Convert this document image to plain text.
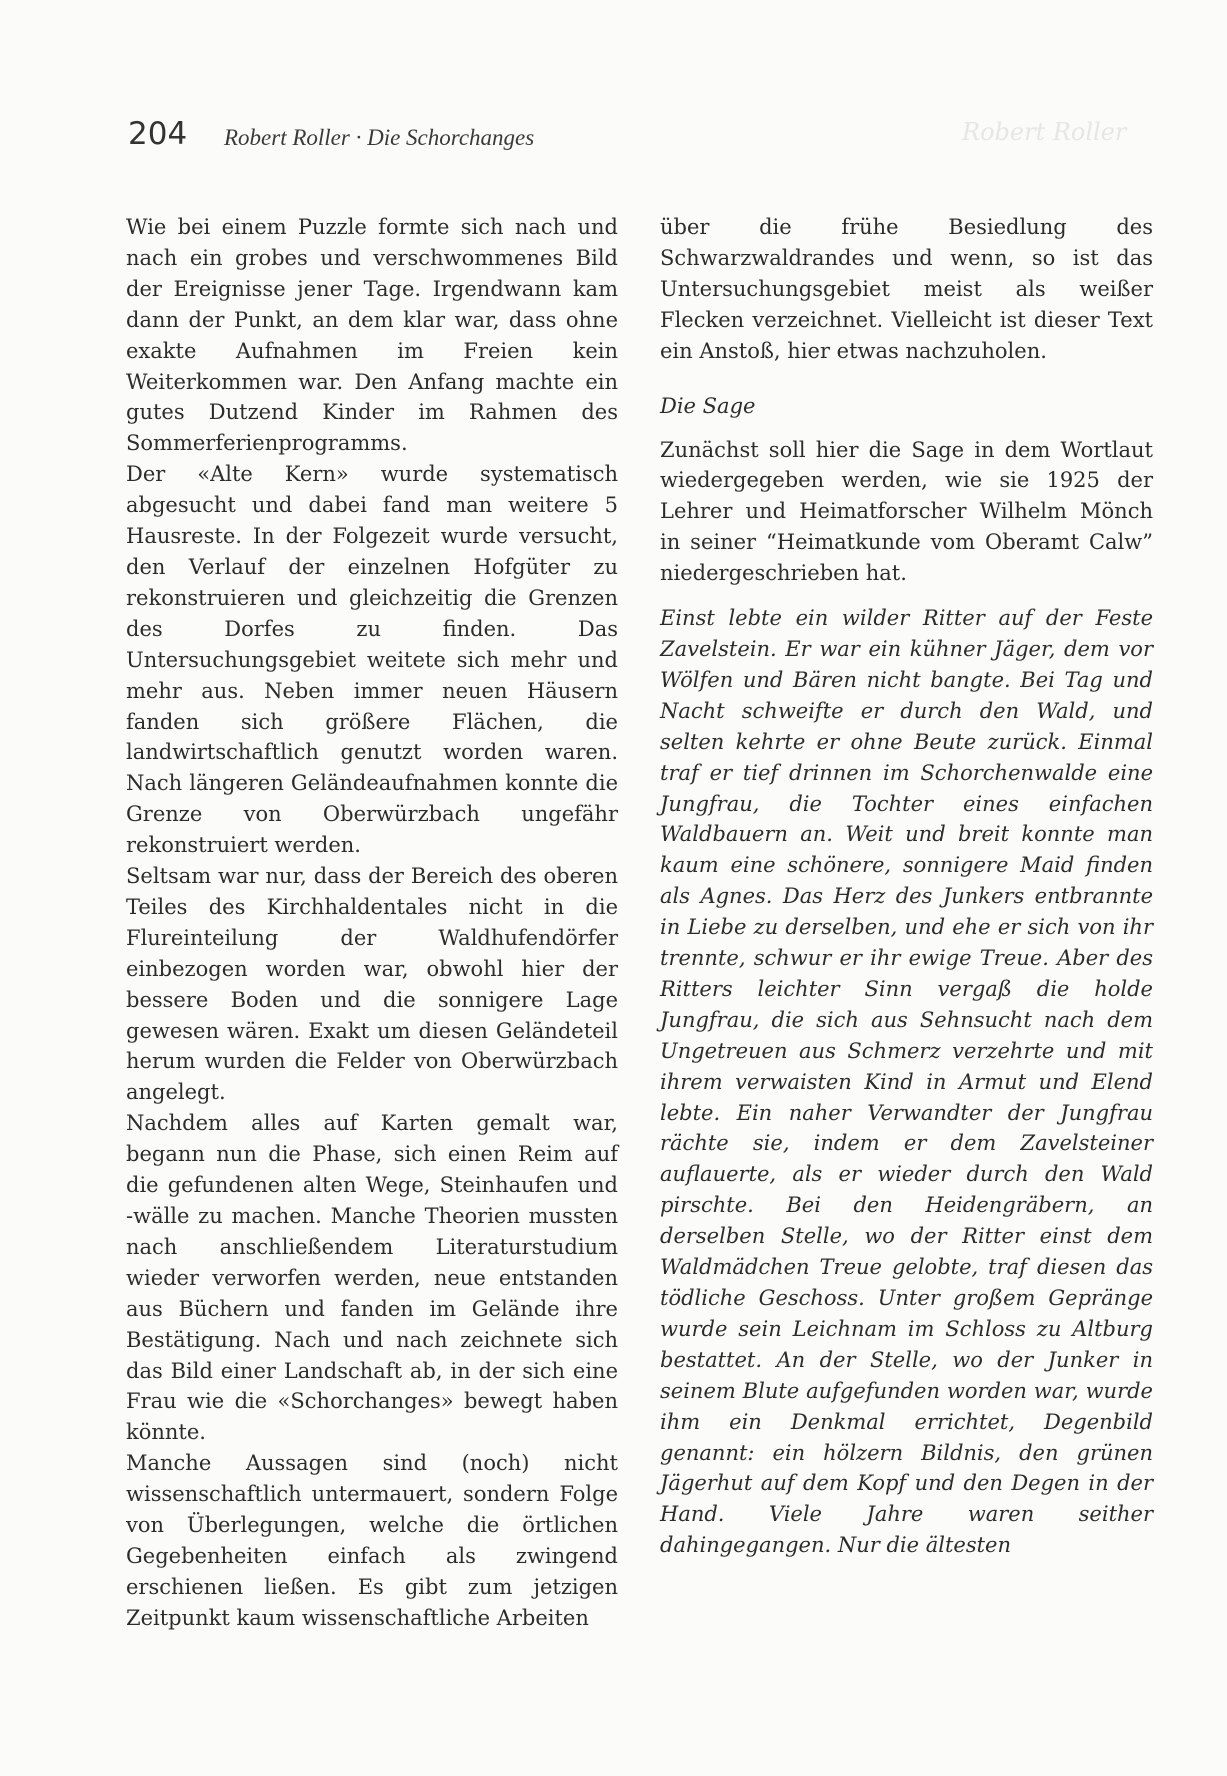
Robert Roller
204 Robert Roller · Die Schorchanges

Wie bei einem Puzzle formte sich nach und nach ein grobes und verschwommenes Bild der Ereignisse jener Tage. Irgendwann kam dann der Punkt, an dem klar war, dass ohne exakte Aufnahmen im Freien kein Weiterkommen war. Den Anfang machte ein gutes Dutzend Kinder im Rahmen des Sommerferienprogramms.

Der «Alte Kern» wurde systematisch abgesucht und dabei fand man weitere 5 Hausreste. In der Folgezeit wurde versucht, den Verlauf der einzelnen Hofgüter zu rekonstruieren und gleichzeitig die Grenzen des Dorfes zu finden. Das Untersuchungsgebiet weitete sich mehr und mehr aus. Neben immer neuen Häusern fanden sich größere Flächen, die landwirtschaftlich genutzt worden waren. Nach längeren Geländeaufnahmen konnte die Grenze von Oberwürzbach ungefähr rekonstruiert werden.

Seltsam war nur, dass der Bereich des oberen Teiles des Kirchhaldentales nicht in die Flureinteilung der Waldhufendörfer einbezogen worden war, obwohl hier der bessere Boden und die sonnigere Lage gewesen wären. Exakt um diesen Geländeteil herum wurden die Felder von Oberwürzbach angelegt.

Nachdem alles auf Karten gemalt war, begann nun die Phase, sich einen Reim auf die gefundenen alten Wege, Steinhaufen und -wälle zu machen. Manche Theorien mussten nach anschließendem Literaturstudium wieder verworfen werden, neue entstanden aus Büchern und fanden im Gelände ihre Bestätigung. Nach und nach zeichnete sich das Bild einer Landschaft ab, in der sich eine Frau wie die «Schorchanges» bewegt haben könnte.

Manche Aussagen sind (noch) nicht wissenschaftlich untermauert, sondern Folge von Überlegungen, welche die örtlichen Gegebenheiten einfach als zwingend erschienen ließen. Es gibt zum jetzigen Zeitpunkt kaum wissenschaftliche Arbeiten

über die frühe Besiedlung des Schwarzwaldrandes und wenn, so ist das Untersuchungsgebiet meist als weißer Flecken verzeichnet. Vielleicht ist dieser Text ein Anstoß, hier etwas nachzuholen.

Die Sage

Zunächst soll hier die Sage in dem Wortlaut wiedergegeben werden, wie sie 1925 der Lehrer und Heimatforscher Wilhelm Mönch in seiner “Heimatkunde vom Oberamt Calw” niedergeschrieben hat.

Einst lebte ein wilder Ritter auf der Feste Zavelstein. Er war ein kühner Jäger, dem vor Wölfen und Bären nicht bangte. Bei Tag und Nacht schweifte er durch den Wald, und selten kehrte er ohne Beute zurück. Einmal traf er tief drinnen im Schorchenwalde eine Jungfrau, die Tochter eines einfachen Waldbauern an. Weit und breit konnte man kaum eine schönere, sonnigere Maid finden als Agnes. Das Herz des Junkers entbrannte in Liebe zu derselben, und ehe er sich von ihr trennte, schwur er ihr ewige Treue. Aber des Ritters leichter Sinn vergaß die holde Jungfrau, die sich aus Sehnsucht nach dem Ungetreuen aus Schmerz verzehrte und mit ihrem verwaisten Kind in Armut und Elend lebte. Ein naher Verwandter der Jungfrau rächte sie, indem er dem Zavelsteiner auflauerte, als er wieder durch den Wald pirschte. Bei den Heidengräbern, an derselben Stelle, wo der Ritter einst dem Waldmädchen Treue gelobte, traf diesen das tödliche Geschoss. Unter großem Gepränge wurde sein Leichnam im Schloss zu Altburg bestattet. An der Stelle, wo der Junker in seinem Blute aufgefunden worden war, wurde ihm ein Denkmal errichtet, Degenbild genannt: ein hölzern Bildnis, den grünen Jägerhut auf dem Kopf und den Degen in der Hand. Viele Jahre waren seither dahingegangen. Nur die ältesten
